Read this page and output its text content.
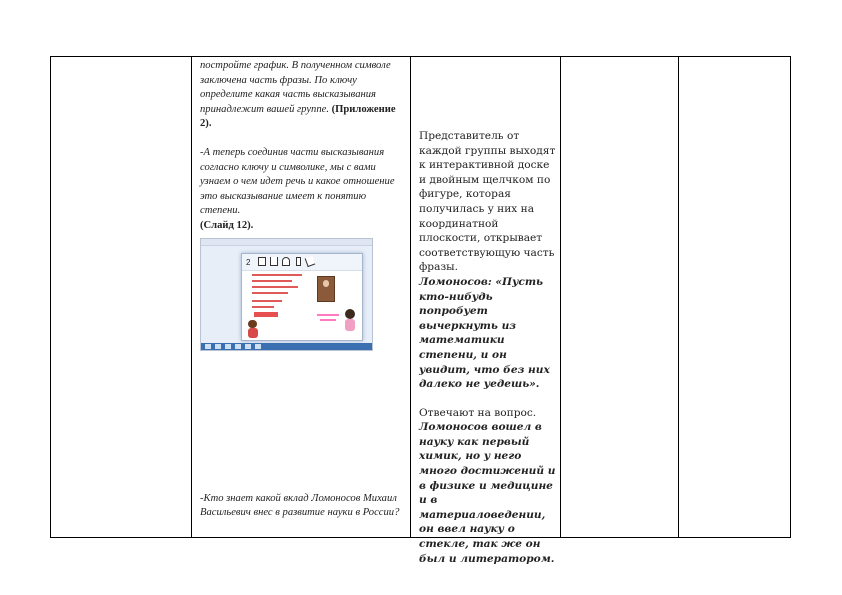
постройте график. В полученном символе заключена часть фразы. По ключу определите какая часть высказывания принадлежит вашей группе. (Приложение 2).
-А теперь соединив части высказывания согласно ключу и символике, мы с вами узнаем о чем идет речь и какое отношение это высказывание имеет к понятию степени.
(Слайд 12).
2
-Кто знает какой вклад Ломоносов Михаил Васильевич внес в развитие науки в России?
Представитель от каждой группы выходят к интерактивной доске и двойным щелчком по фигуре, которая получилась у них на координатной плоскости, открывает соответствующую часть фразы.
Ломоносов: «Пусть кто-нибудь попробует вычеркнуть из математики степени, и он увидит, что без них далеко не уедешь».
Отвечают на вопрос.
Ломоносов вошел в науку как первый химик, но у него много достижений и в физике и медицине и в материаловедении, он ввел науку о стекле, так же он был и литератором.
